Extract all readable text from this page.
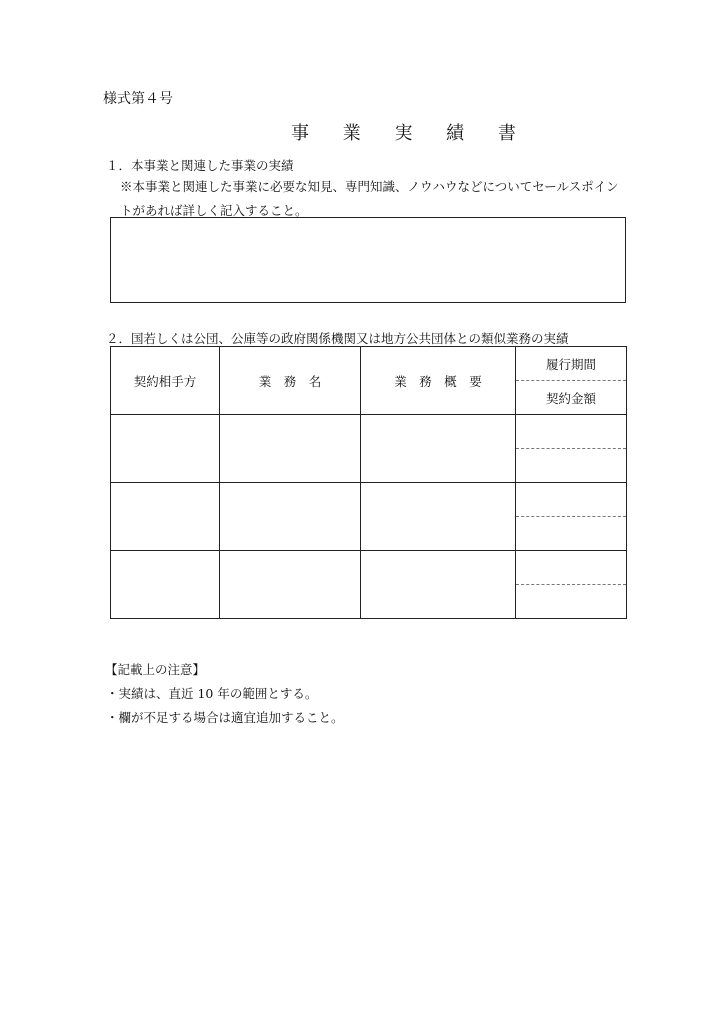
様式第４号
事 業 実 績 書
１．本事業と関連した事業の実績
※本事業と関連した事業に必要な知見、専門知識、ノウハウなどについてセールスポイン
トがあれば詳しく記入すること。
２．国若しくは公団、公庫等の政府関係機関又は地方公共団体との類似業務の実績
契約相手方	業　務　名	業　務　概　要	履行期間
			契約金額

【記載上の注意】
・実績は、直近 10 年の範囲とする。
・欄が不足する場合は適宜追加すること。
